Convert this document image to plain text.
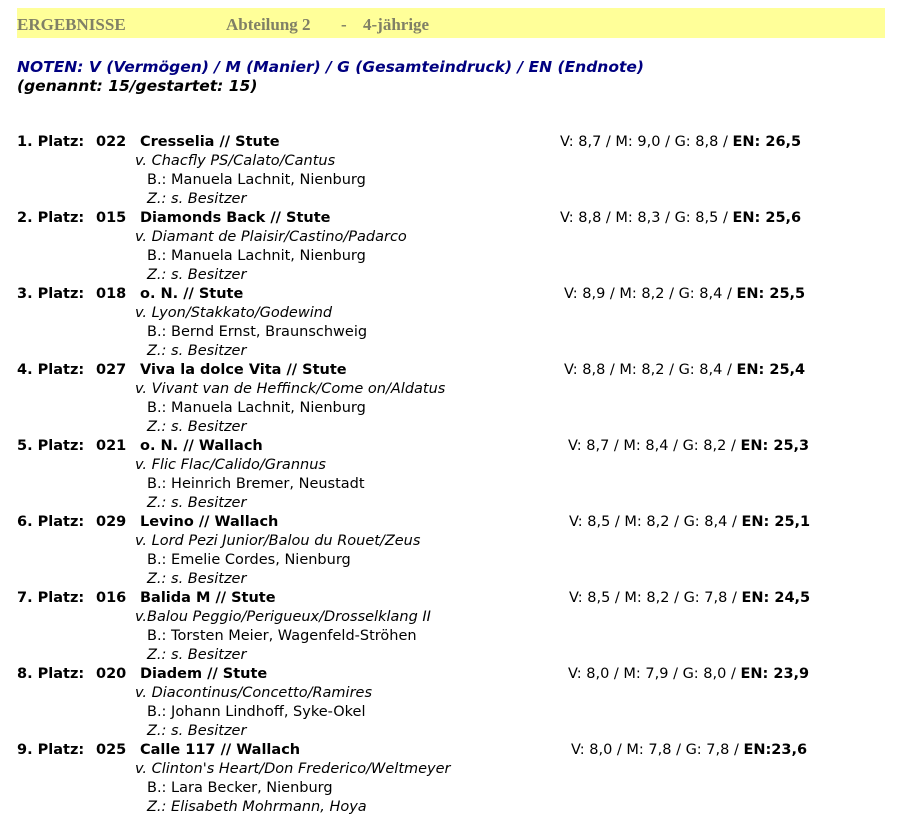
ERGEBNISSE	Abteilung 2 - 4-jährige
NOTEN: V (Vermögen) / M (Manier) / G (Gesamteindruck) / EN (Endnote)
(genannt: 15/gestartet: 15)
1. Platz: 022 Cresselia // Stute	V: 8,7 / M: 9,0 / G: 8,8 / EN: 26,5
v. Chacfly PS/Calato/Cantus
B.: Manuela Lachnit, Nienburg
Z.: s. Besitzer
2. Platz: 015 Diamonds Back // Stute	V: 8,8 / M: 8,3 / G: 8,5 / EN: 25,6
v. Diamant de Plaisir/Castino/Padarco
B.: Manuela Lachnit, Nienburg
Z.: s. Besitzer
3. Platz: 018 o. N. // Stute	V: 8,9 / M: 8,2 / G: 8,4 / EN: 25,5
v. Lyon/Stakkato/Godewind
B.: Bernd Ernst, Braunschweig
Z.: s. Besitzer
4. Platz: 027 Viva la dolce Vita // Stute	V: 8,8 / M: 8,2 / G: 8,4 / EN: 25,4
v. Vivant van de Heffinck/Come on/Aldatus
B.: Manuela Lachnit, Nienburg
Z.: s. Besitzer
5. Platz: 021 o. N. // Wallach	V: 8,7 / M: 8,4 / G: 8,2 / EN: 25,3
v. Flic Flac/Calido/Grannus
B.: Heinrich Bremer, Neustadt
Z.: s. Besitzer
6. Platz: 029 Levino // Wallach	V: 8,5 / M: 8,2 / G: 8,4 / EN: 25,1
v. Lord Pezi Junior/Balou du Rouet/Zeus
B.: Emelie Cordes, Nienburg
Z.: s. Besitzer
7. Platz: 016 Balida M // Stute	V: 8,5 / M: 8,2 / G: 7,8 / EN: 24,5
v.Balou Peggio/Perigueux/Drosselklang II
B.: Torsten Meier, Wagenfeld-Ströhen
Z.: s. Besitzer
8. Platz: 020 Diadem // Stute	V: 8,0 / M: 7,9 / G: 8,0 / EN: 23,9
v. Diacontinus/Concetto/Ramires
B.: Johann Lindhoff, Syke-Okel
Z.: s. Besitzer
9. Platz: 025 Calle 117 // Wallach	V: 8,0 / M: 7,8 / G: 7,8 / EN:23,6
v. Clinton's Heart/Don Frederico/Weltmeyer
B.: Lara Becker, Nienburg
Z.: Elisabeth Mohrmann, Hoya
